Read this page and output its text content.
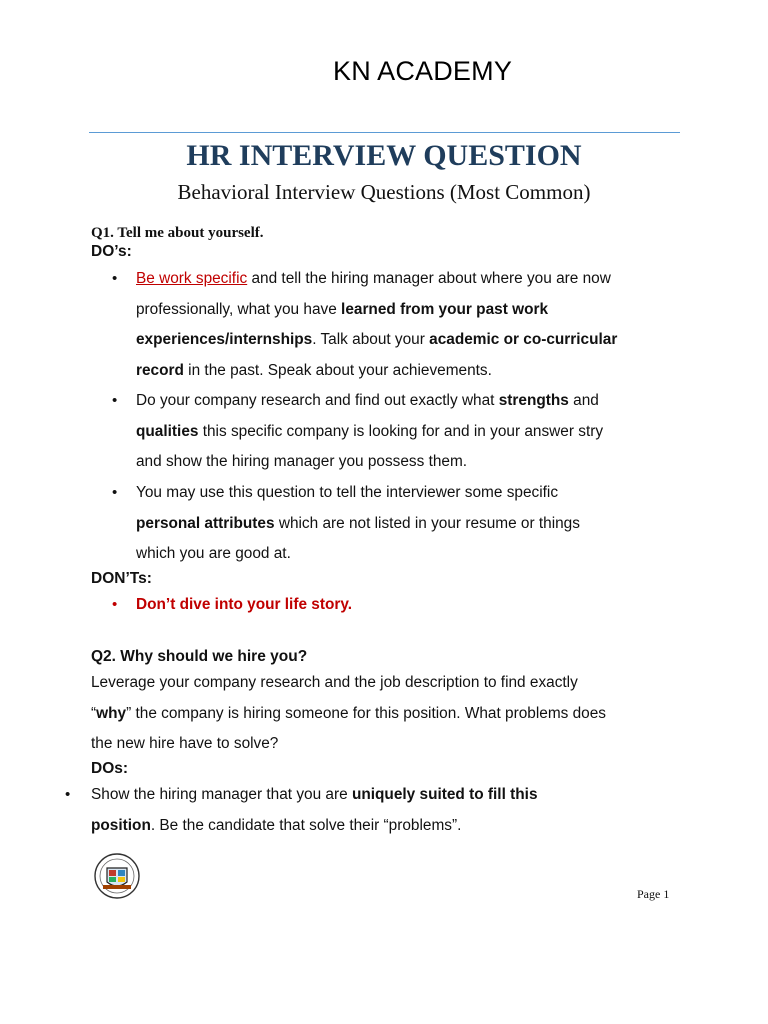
KN ACADEMY
HR INTERVIEW QUESTION
Behavioral Interview Questions (Most Common)
Q1. Tell me about yourself.
DO’s:
•	Be work specific and tell the hiring manager about where you are now
professionally, what you have learned from your past work
experiences/internships. Talk about your academic or co-curricular
record in the past. Speak about your achievements.
•	Do your company research and find out exactly what strengths and
qualities this specific company is looking for and in your answer stry
and show the hiring manager you possess them.
•	You may use this question to tell the interviewer some specific
personal attributes which are not listed in your resume or things
which you are good at.
DON’Ts:
•	Don’t dive into your life story.
Q2. Why should we hire you?
Leverage your company research and the job description to find exactly
“why” the company is hiring someone for this position. What problems does
the new hire have to solve?
DOs:
•	Show the hiring manager that you are uniquely suited to fill this
position. Be the candidate that solve their “problems”.
Page 1
